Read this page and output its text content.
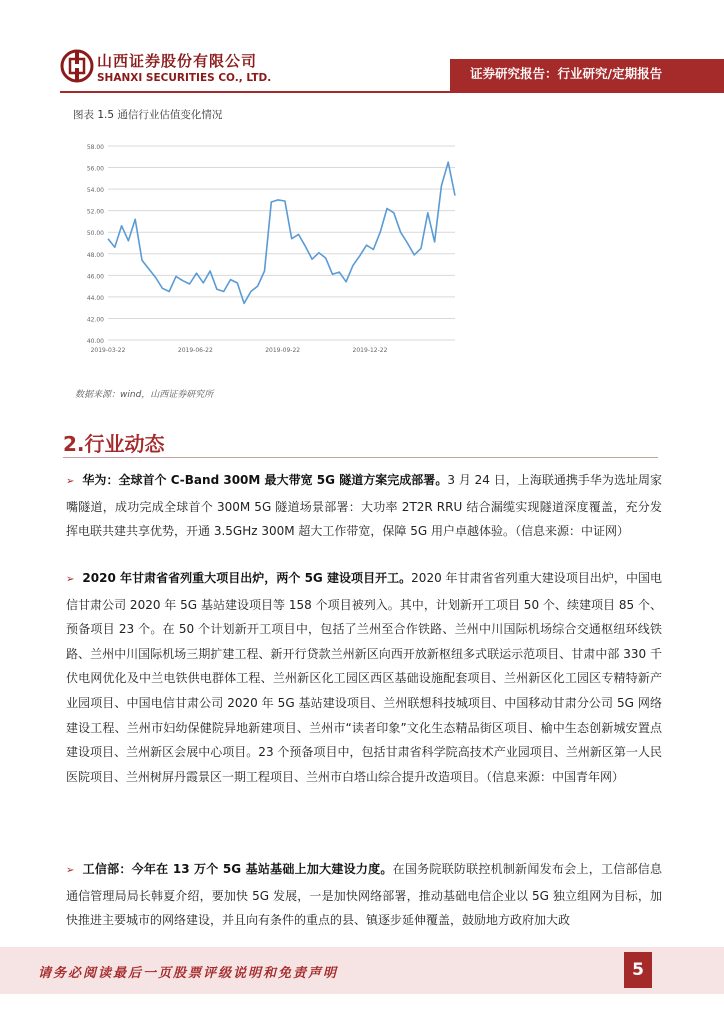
山西证券股份有限公司
SHANXI SECURITIES CO., LTD.	证券研究报告：行业研究/定期报告
图表 1.5 通信行业估值变化情况
58.00
56.00
54.00
52.00
50.00
48.00
46.00
44.00
42.00
40.00
2019-03-22	2019-06-22	2019-09-22	2019-12-22
数据来源：wind，山西证券研究所
2.行业动态

➢ 华为：全球首个 C-Band 300M 最大带宽 5G 隧道方案完成部署。3 月 24 日，上海联通携手华为选址周家嘴隧道，成功完成全球首个 300M 5G 隧道场景部署：大功率 2T2R RRU 结合漏缆实现隧道深度覆盖，充分发挥电联共建共享优势，开通 3.5GHz 300M 超大工作带宽，保障 5G 用户卓越体验。（信息来源：中证网）

➢ 2020 年甘肃省省列重大项目出炉，两个 5G 建设项目开工。2020 年甘肃省省列重大建设项目出炉，中国电信甘肃公司 2020 年 5G 基站建设项目等 158 个项目被列入。其中，计划新开工项目 50 个、续建项目 85 个、预备项目 23 个。在 50 个计划新开工项目中，包括了兰州至合作铁路、兰州中川国际机场综合交通枢纽环线铁路、兰州中川国际机场三期扩建工程、新开行贷款兰州新区向西开放新枢纽多式联运示范项目、甘肃中部 330 千伏电网优化及中兰电铁供电群体工程、兰州新区化工园区西区基础设施配套项目、兰州新区化工园区专精特新产业园项目、中国电信甘肃公司 2020 年 5G 基站建设项目、兰州联想科技城项目、中国移动甘肃分公司 5G 网络建设工程、兰州市妇幼保健院异地新建项目、兰州市“读者印象”文化生态精品街区项目、榆中生态创新城安置点建设项目、兰州新区会展中心项目。23 个预备项目中，包括甘肃省科学院高技术产业园项目、兰州新区第一人民医院项目、兰州树屏丹霞景区一期工程项目、兰州市白塔山综合提升改造项目。（信息来源：中国青年网）

➢ 工信部：今年在 13 万个 5G 基站基础上加大建设力度。在国务院联防联控机制新闻发布会上，工信部信息通信管理局局长韩夏介绍，要加快 5G 发展，一是加快网络部署，推动基础电信企业以 5G 独立组网为目标，加快推进主要城市的网络建设，并且向有条件的重点的县、镇逐步延伸覆盖，鼓励地方政府加大政

请务必阅读最后一页股票评级说明和免责声明	5
